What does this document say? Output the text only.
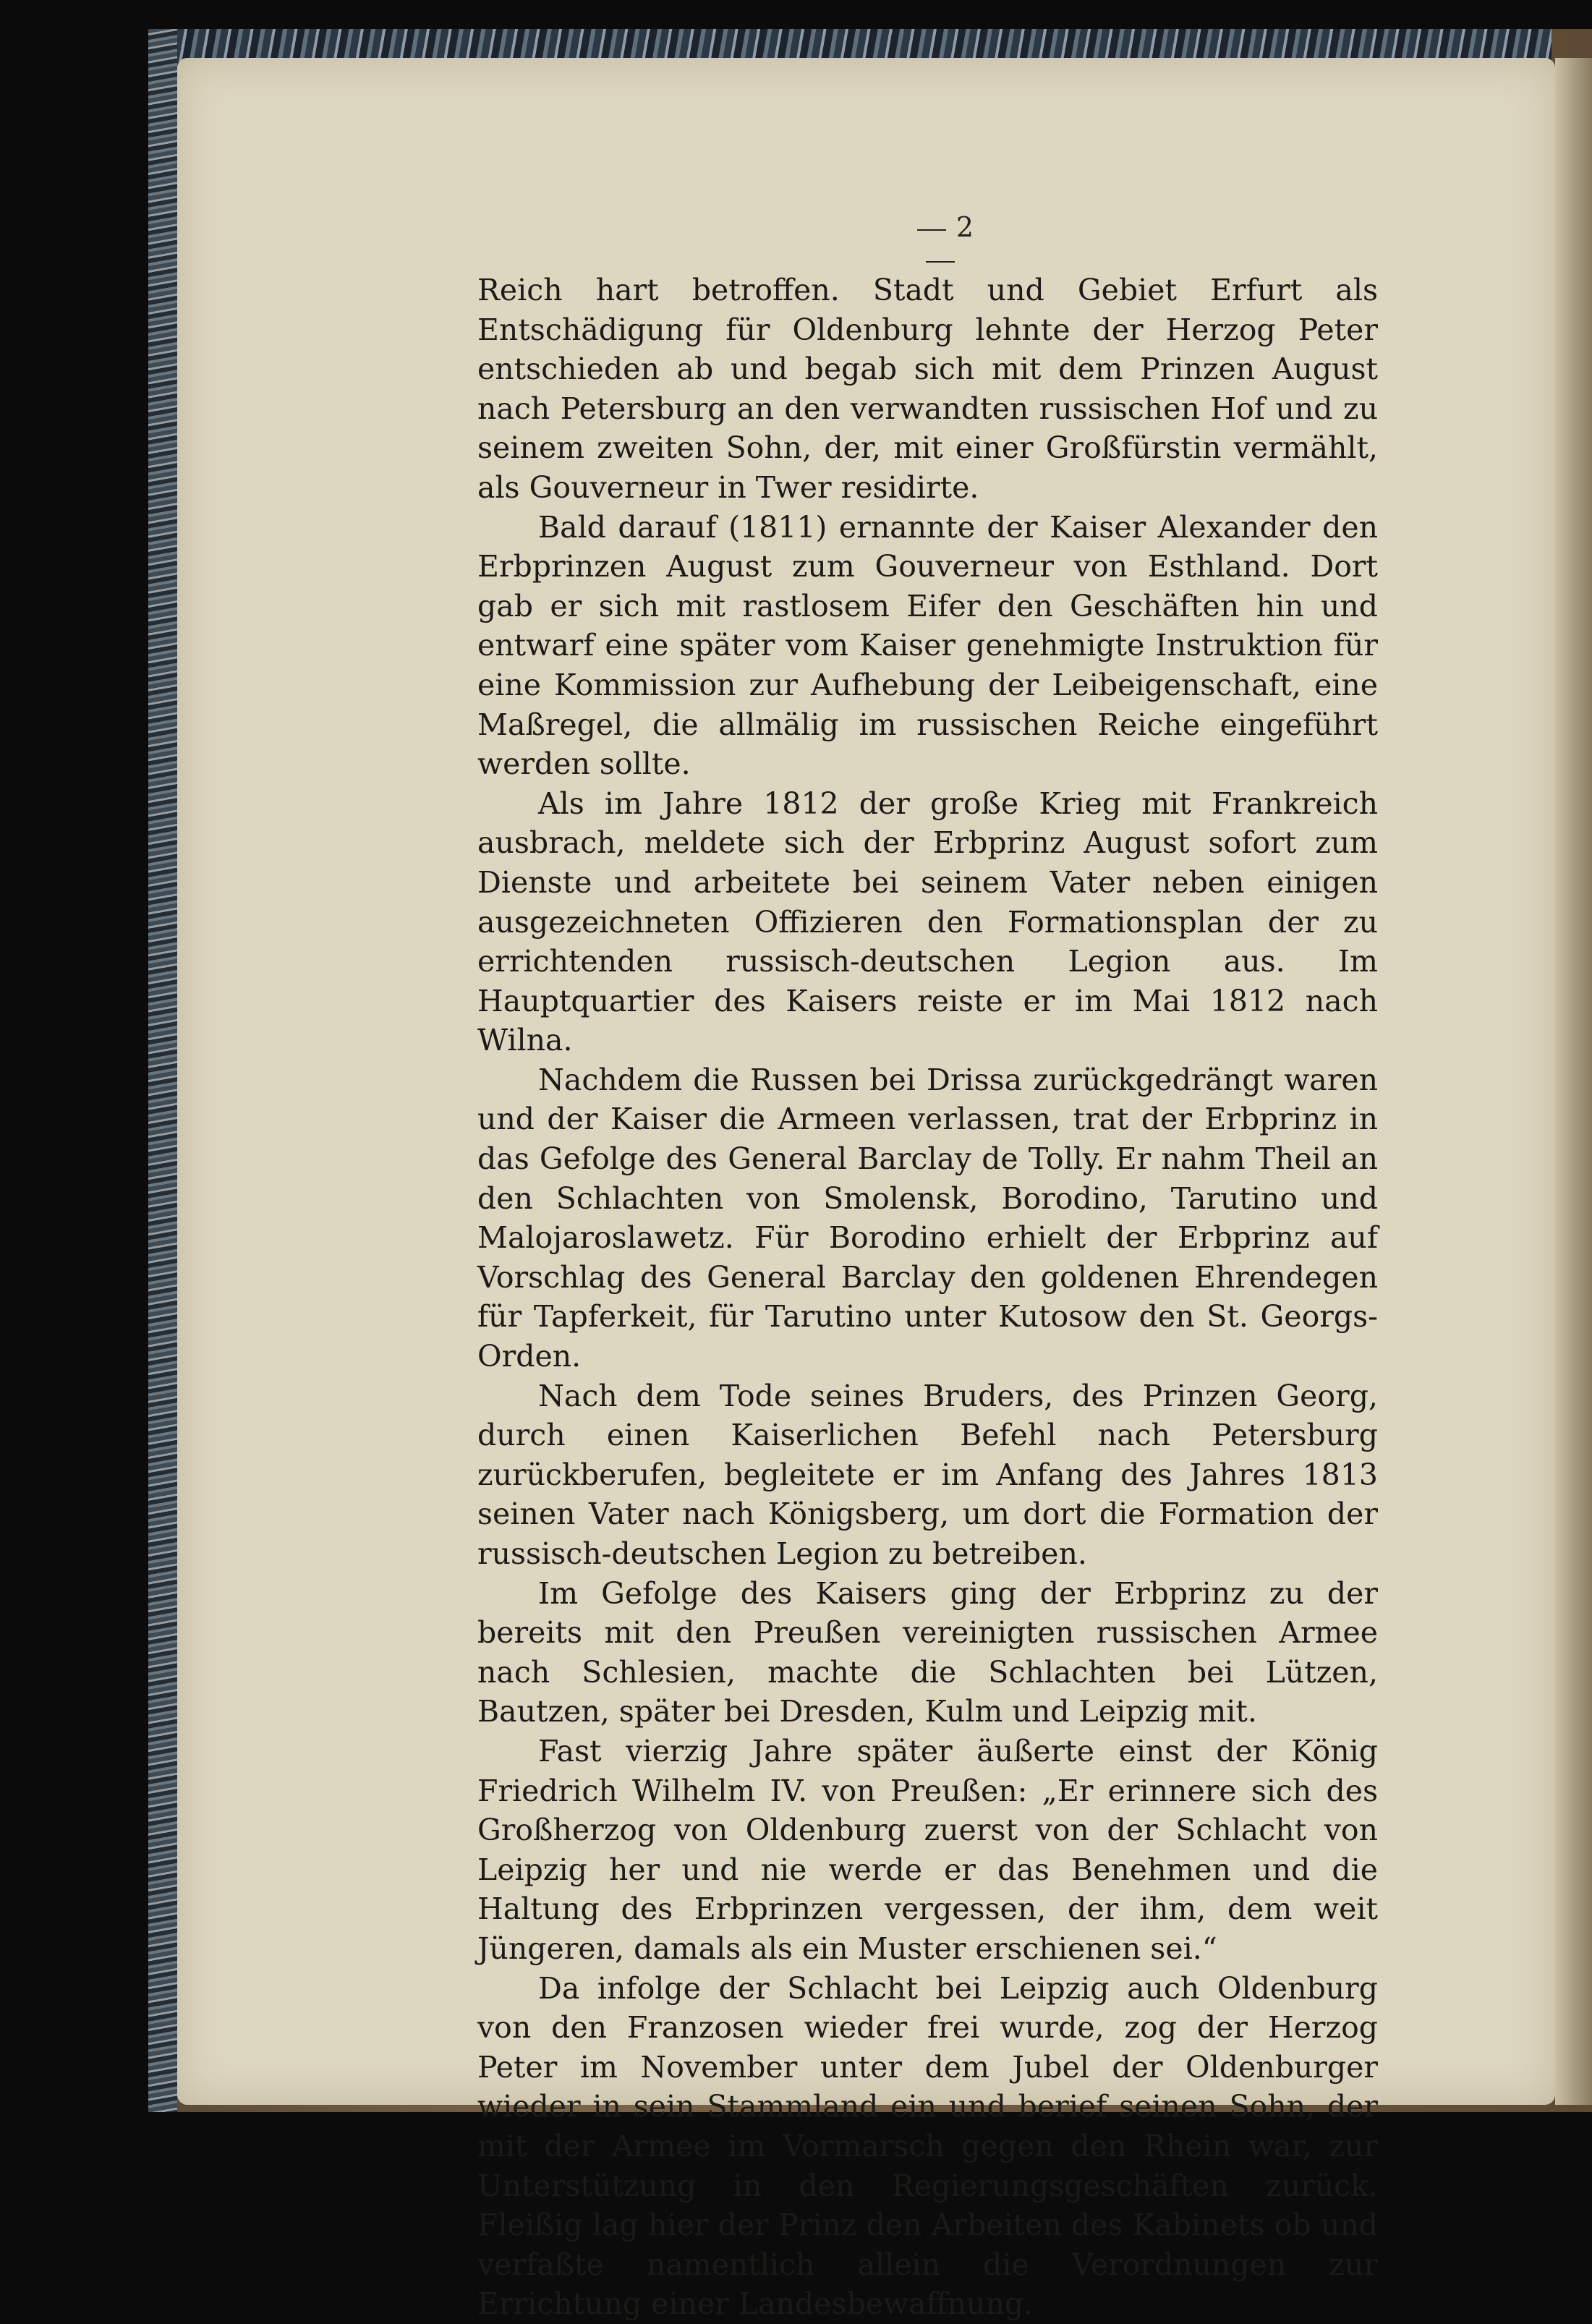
2

Reich hart betroffen. Stadt und Gebiet Erfurt als Entschädigung für Oldenburg lehnte der Herzog Peter entschieden ab und begab sich mit dem Prinzen August nach Petersburg an den verwandten russischen Hof und zu seinem zweiten Sohn, der, mit einer Großfürstin vermählt, als Gouverneur in Twer residirte.

Bald darauf (1811) ernannte der Kaiser Alexander den Erbprinzen August zum Gouverneur von Esthland. Dort gab er sich mit rastlosem Eifer den Geschäften hin und entwarf eine später vom Kaiser genehmigte Instruktion für eine Kommission zur Aufhebung der Leibeigenschaft, eine Maßregel, die allmälig im russischen Reiche eingeführt werden sollte.

Als im Jahre 1812 der große Krieg mit Frankreich ausbrach, meldete sich der Erbprinz August sofort zum Dienste und arbeitete bei seinem Vater neben einigen ausgezeichneten Offizieren den Formationsplan der zu errichtenden russisch-deutschen Legion aus. Im Hauptquartier des Kaisers reiste er im Mai 1812 nach Wilna.

Nachdem die Russen bei Drissa zurückgedrängt waren und der Kaiser die Armeen verlassen, trat der Erbprinz in das Gefolge des General Barclay de Tolly. Er nahm Theil an den Schlachten von Smolensk, Borodino, Tarutino und Malojaroslawetz. Für Borodino erhielt der Erbprinz auf Vorschlag des General Barclay den goldenen Ehrendegen für Tapferkeit, für Tarutino unter Kutosow den St. Georgs-Orden.

Nach dem Tode seines Bruders, des Prinzen Georg, durch einen Kaiserlichen Befehl nach Petersburg zurückberufen, begleitete er im Anfang des Jahres 1813 seinen Vater nach Königsberg, um dort die Formation der russisch-deutschen Legion zu betreiben.

Im Gefolge des Kaisers ging der Erbprinz zu der bereits mit den Preußen vereinigten russischen Armee nach Schlesien, machte die Schlachten bei Lützen, Bautzen, später bei Dresden, Kulm und Leipzig mit.

Fast vierzig Jahre später äußerte einst der König Friedrich Wilhelm IV. von Preußen: „Er erinnere sich des Großherzog von Oldenburg zuerst von der Schlacht von Leipzig her und nie werde er das Benehmen und die Haltung des Erbprinzen vergessen, der ihm, dem weit Jüngeren, damals als ein Muster erschienen sei.“

Da infolge der Schlacht bei Leipzig auch Oldenburg von den Franzosen wieder frei wurde, zog der Herzog Peter im November unter dem Jubel der Oldenburger wieder in sein Stammland ein und berief seinen Sohn, der mit der Armee im Vormarsch gegen den Rhein war, zur Unterstützung in den Regierungsgeschäften zurück. Fleißig lag hier der Prinz den Arbeiten des Kabinets ob und verfaßte namentlich allein die Verordnungen zur Errichtung einer Landesbewaffnung.
